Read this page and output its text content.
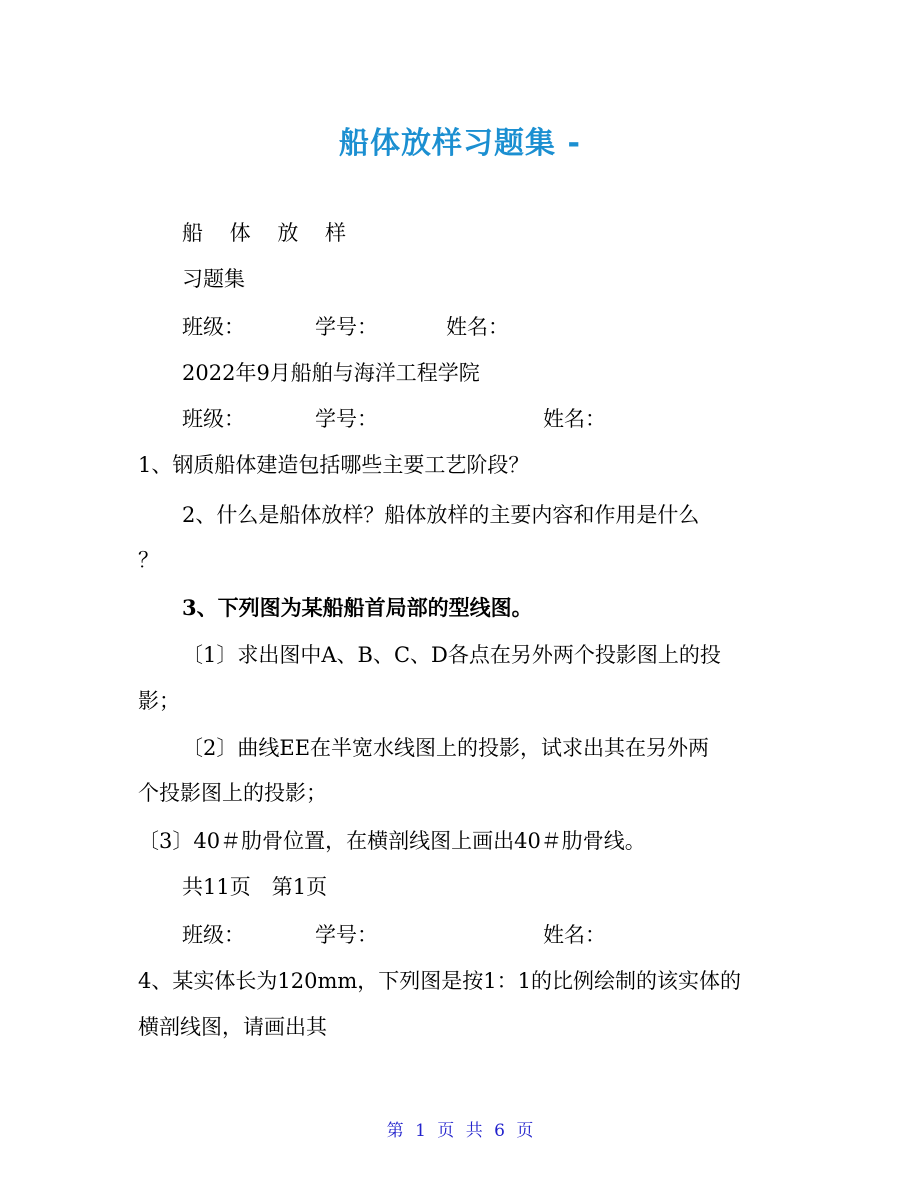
船体放样习题集 -
船 体 放 样
习题集
班级：	学号：	姓名：
2022年9月船舶与海洋工程学院
班级：	学号：	姓名：
1、钢质船体建造包括哪些主要工艺阶段？
2、什么是船体放样？船体放样的主要内容和作用是什么
？
3、下列图为某船船首局部的型线图。
〔1〕求出图中A、B、C、D各点在另外两个投影图上的投
影；
〔2〕曲线EE在半宽水线图上的投影，试求出其在另外两
个投影图上的投影；
〔3〕40＃肋骨位置，在横剖线图上画出40＃肋骨线。
共11页　第1页
班级：	学号：	姓名：
4、某实体长为120mm，下列图是按1：1的比例绘制的该实体的
横剖线图，请画出其
第 1 页 共 6 页
